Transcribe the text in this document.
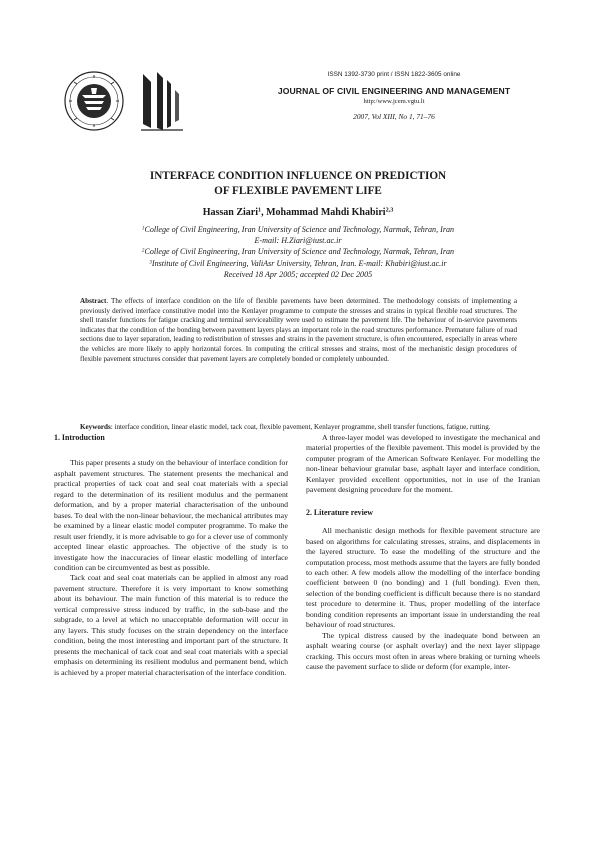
ISSN 1392-3730 print / ISSN 1822-3605 online
JOURNAL OF CIVIL ENGINEERING AND MANAGEMENT
http:/www.jcem.vgtu.lt
2007, Vol XIII, No 1, 71–76
INTERFACE CONDITION INFLUENCE ON PREDICTION
OF FLEXIBLE PAVEMENT LIFE
Hassan Ziari$^1$, Mohammad Mahdi Khabiri$^{2,3}$
$^1$College of Civil Engineering, Iran University of Science and Technology, Narmak, Tehran, Iran
E-mail: H.Ziari@iust.ac.ir
$^2$College of Civil Engineering, Iran University of Science and Technology, Narmak, Tehran, Iran
$^3$Institute of Civil Engineering, ValiAsr University, Tehran, Iran. E-mail: Khabiri@iust.ac.ir
Received 18 Apr 2005; accepted 02 Dec 2005
Abstract. The effects of interface condition on the life of flexible pavements have been determined. The methodology consists of implementing a previously derived interface constitutive model into the Kenlayer programme to compute the stresses and strains in typical flexible road structures. The shell transfer functions for fatigue cracking and terminal serviceability were used to estimate the pavement life. The behaviour of in-service pavements indicates that the condition of the bonding between pavement layers plays an important role in the road structures performance. Premature failure of road sections due to layer separation, leading to redistribution of stresses and strains in the pavement structure, is often encountered, especially in areas where the vehicles are more likely to apply horizontal forces. In computing the critical stresses and strains, most of the mechanistic design procedures of flexible pavement structures consider that pavement layers are completely bonded or completely unbounded.
Keywords: interface condition, linear elastic model, tack coat, flexible pavement, Kenlayer programme, shell transfer functions, fatigue, rutting.
1. Introduction

This paper presents a study on the behaviour of interface condition for asphalt pavement structures. The statement presents the mechanical and practical properties of tack coat and seal coat materials with a special regard to the determination of its resilient modulus and the permanent deformation, and by a proper material characterisation of the unbound bases. To deal with the non-linear behaviour, the mechanical attributes may be examined by a linear elastic model computer programme. To make the result user friendly, it is more advisable to go for a clever use of commonly accepted linear elastic approaches. The objective of the study is to investigate how the inaccuracies of linear elastic modelling of interface condition can be circumvented as best as possible.

Tack coat and seal coat materials can be applied in almost any road pavement structure. Therefore it is very important to know something about its behaviour. The main function of this material is to reduce the vertical compressive stress induced by traffic, in the sub-base and the subgrade, to a level at which no unacceptable deformation will occur in any layers. This study focuses on the strain dependency on the interface condition, being the most interesting and important part of the structure. It presents the mechanical of tack coat and seal coat materials with a special emphasis on determining its resilient modulus and permanent bend, which is achieved by a proper material characterisation of the interface condition.

A three-layer model was developed to investigate the mechanical and material properties of the flexible pavement. This model is provided by the computer program of the American Software Kenlayer. For modelling the non-linear behaviour granular base, asphalt layer and interface condition, Kenlayer provided excellent opportunities, not in use of the Iranian pavement designing procedure for the moment.

2. Literature review

All mechanistic design methods for flexible pavement structure are based on algorithms for calculating stresses, strains, and displacements in the layered structure. To ease the modelling of the structure and the computation process, most methods assume that the layers are fully bonded to each other. A few models allow the modelling of the interface bonding coefficient between 0 (no bonding) and 1 (full bonding). Even then, selection of the bonding coefficient is difficult because there is no standard test procedure to determine it. Thus, proper modelling of the interface bonding condition represents an important issue in understanding the real behaviour of road structures.

The typical distress caused by the inadequate bond between an asphalt wearing course (or asphalt overlay) and the next layer slippage cracking. This occurs most often in areas where braking or turning wheels cause the pavement surface to slide or deform (for example, inter-
